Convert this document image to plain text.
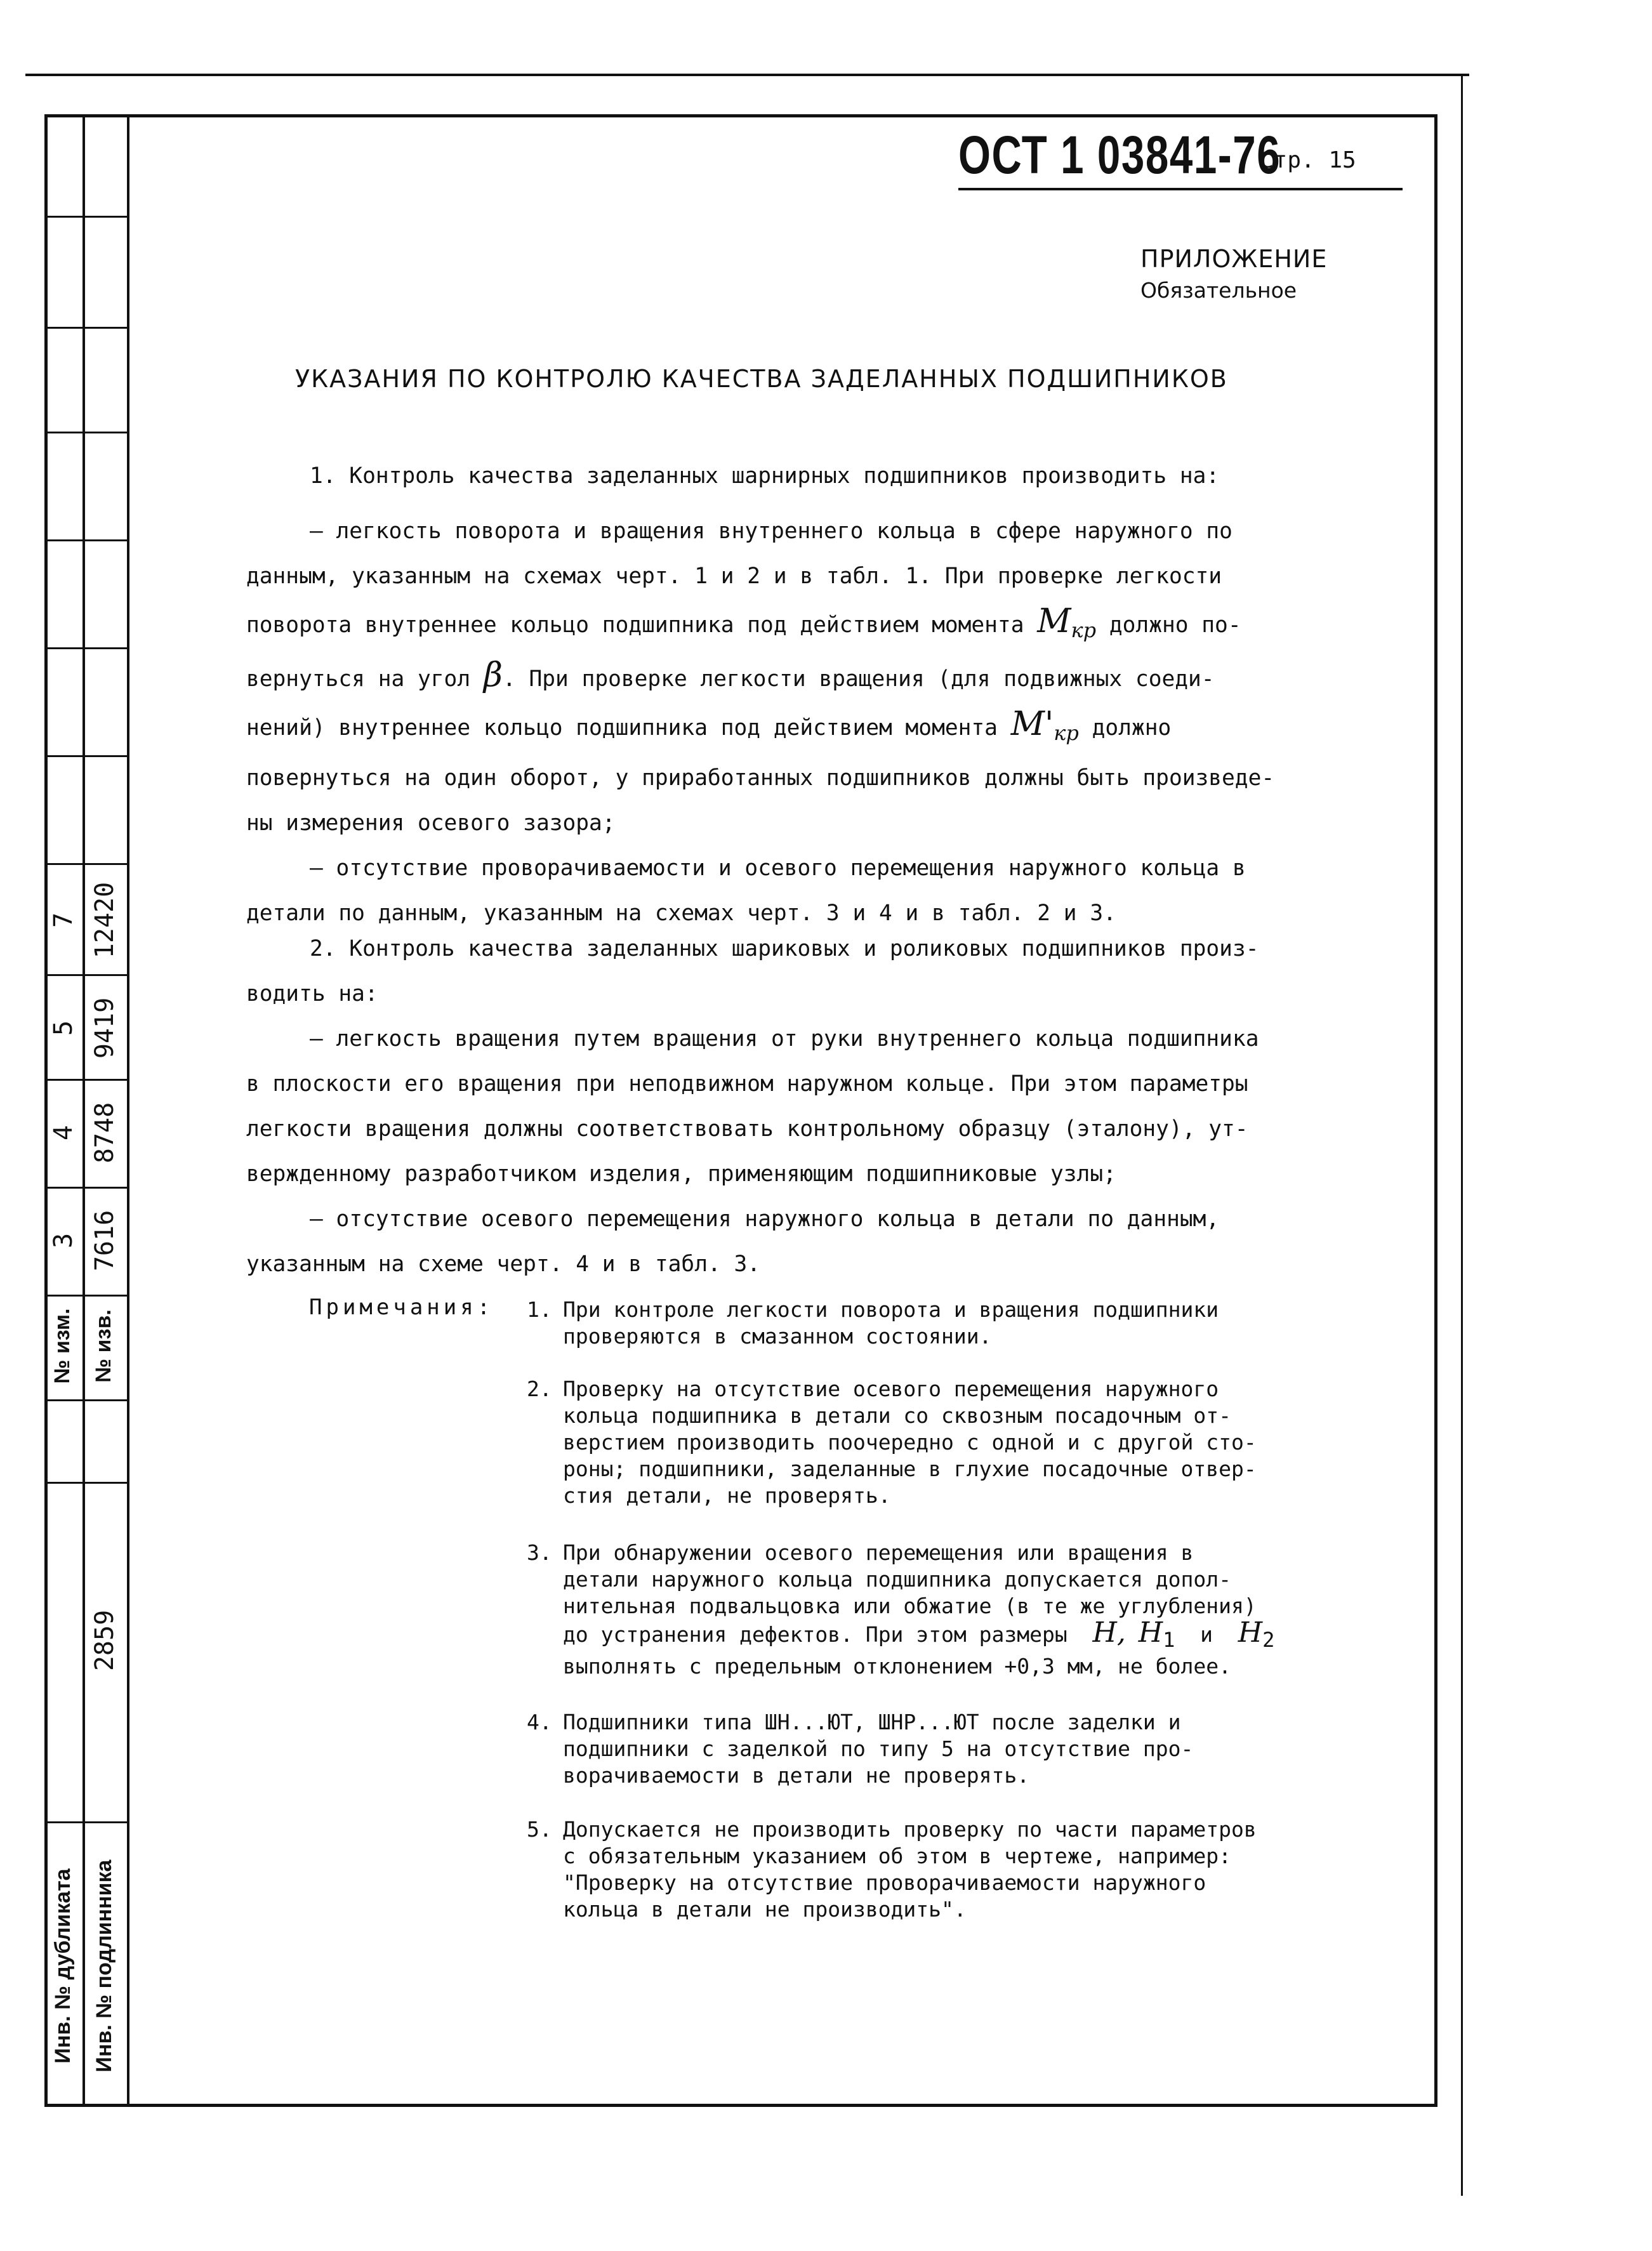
7 12420
5 9419
4 8748
3 7616
№ изм. № изв.
2859
Инв. № дубликата Инв. № подлинника
ОСТ 1 03841-76
Стр. 15
ПРИЛОЖЕНИЕ
Обязательное
УКАЗАНИЯ ПО КОНТРОЛЮ КАЧЕСТВА ЗАДЕЛАННЫХ ПОДШИПНИКОВ
1. Контроль качества заделанных шарнирных подшипников производить на:
– легкость поворота и вращения внутреннего кольца в сфере наружного по
данным, указанным на схемах черт. 1 и 2 и в табл. 1. При проверке легкости
поворота внутреннее кольцо подшипника под действием момента Мкр должно по-
вернуться на угол β. При проверке легкости вращения (для подвижных соеди-
нений) внутреннее кольцо подшипника под действием момента М'кр должно
повернуться на один оборот, у приработанных подшипников должны быть произведе-
ны измерения осевого зазора;
– отсутствие проворачиваемости и осевого перемещения наружного кольца в
детали по данным, указанным на схемах черт. 3 и 4 и в табл. 2 и 3.
2. Контроль качества заделанных шариковых и роликовых подшипников произ-
водить на:
– легкость вращения путем вращения от руки внутреннего кольца подшипника
в плоскости его вращения при неподвижном наружном кольце. При этом параметры
легкости вращения должны соответствовать контрольному образцу (эталону), ут-
вержденному разработчиком изделия, применяющим подшипниковые узлы;
– отсутствие осевого перемещения наружного кольца в детали по данным,
указанным на схеме черт. 4 и в табл. 3.
Примечания: 1. При контроле легкости поворота и вращения подшипники
проверяются в смазанном состоянии.
2. Проверку на отсутствие осевого перемещения наружного
кольца подшипника в детали со сквозным посадочным от-
верстием производить поочередно с одной и с другой сто-
роны; подшипники, заделанные в глухие посадочные отвер-
стия детали, не проверять.
3. При обнаружении осевого перемещения или вращения в
детали наружного кольца подшипника допускается допол-
нительная подвальцовка или обжатие (в те же углубления)
до устранения дефектов. При этом размеры H, H1 и H2
выполнять с предельным отклонением +0,3 мм, не более.
4. Подшипники типа ШН...ЮТ, ШНР...ЮТ после заделки и
подшипники с заделкой по типу 5 на отсутствие про-
ворачиваемости в детали не проверять.
5. Допускается не производить проверку по части параметров
с обязательным указанием об этом в чертеже, например:
"Проверку на отсутствие проворачиваемости наружного
кольца в детали не производить".
